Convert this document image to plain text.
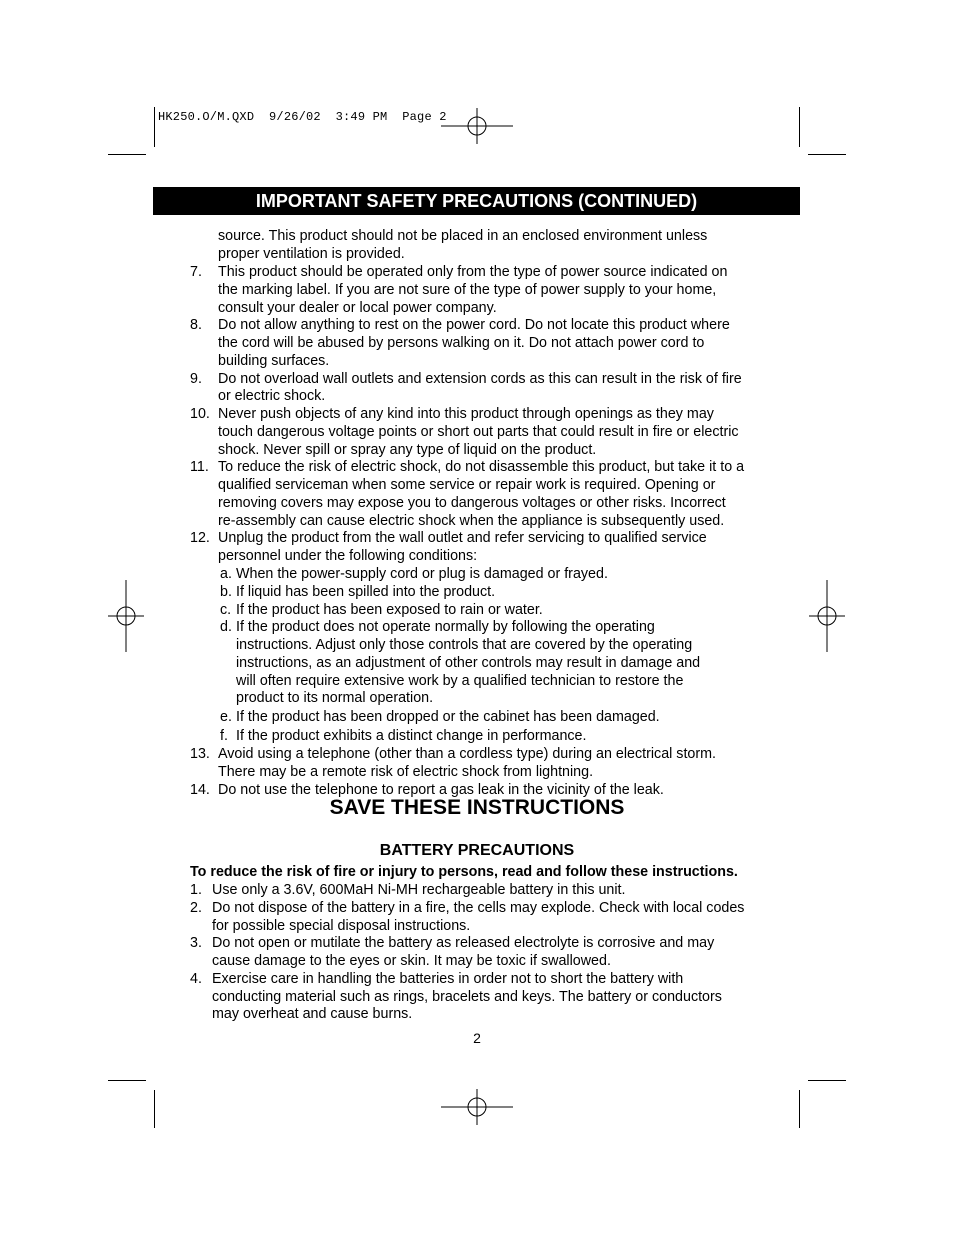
HK250.O/M.QXD  9/26/02  3:49 PM  Page 2
IMPORTANT SAFETY PRECAUTIONS (CONTINUED)
source. This product should not be placed in an enclosed environment unless
proper ventilation is provided.
7. This product should be operated only from the type of power source indicated on
the marking label. If you are not sure of the type of power supply to your home,
consult your dealer or local power company.
8. Do not allow anything to rest on the power cord. Do not locate this product where
the cord will be abused by persons walking on it. Do not attach power cord to
building surfaces.
9. Do not overload wall outlets and extension cords as this can result in the risk of fire
or electric shock.
10. Never push objects of any kind into this product through openings as they may
touch dangerous voltage points or short out parts that could result in fire or electric
shock. Never spill or spray any type of liquid on the product.
11. To reduce the risk of electric shock, do not disassemble this product, but take it to a
qualified serviceman when some service or repair work is required. Opening or
removing covers may expose you to dangerous voltages or other risks. Incorrect
re-assembly can cause electric shock when the appliance is subsequently used.
12. Unplug the product from the wall outlet and refer servicing to qualified service
personnel under the following conditions:
a. When the power-supply cord or plug is damaged or frayed.
b. If liquid has been spilled into the product.
c. If the product has been exposed to rain or water.
d. If the product does not operate normally by following the operating
instructions. Adjust only those controls that are covered by the operating
instructions, as an adjustment of other controls may result in damage and
will often require extensive work by a qualified technician to restore the
product to its normal operation.
e. If the product has been dropped or the cabinet has been damaged.
f. If the product exhibits a distinct change in performance.
13. Avoid using a telephone (other than a cordless type) during an electrical storm.
There may be a remote risk of electric shock from lightning.
14. Do not use the telephone to report a gas leak in the vicinity of the leak.
SAVE THESE INSTRUCTIONS
BATTERY PRECAUTIONS
To reduce the risk of fire or injury to persons, read and follow these instructions.
1. Use only a 3.6V, 600MaH Ni-MH rechargeable battery in this unit.
2. Do not dispose of the battery in a fire, the cells may explode. Check with local codes
for possible special disposal instructions.
3. Do not open or mutilate the battery as released electrolyte is corrosive and may
cause damage to the eyes or skin. It may be toxic if swallowed.
4. Exercise care in handling the batteries in order not to short the battery with
conducting material such as rings, bracelets and keys. The battery or conductors
may overheat and cause burns.
2
